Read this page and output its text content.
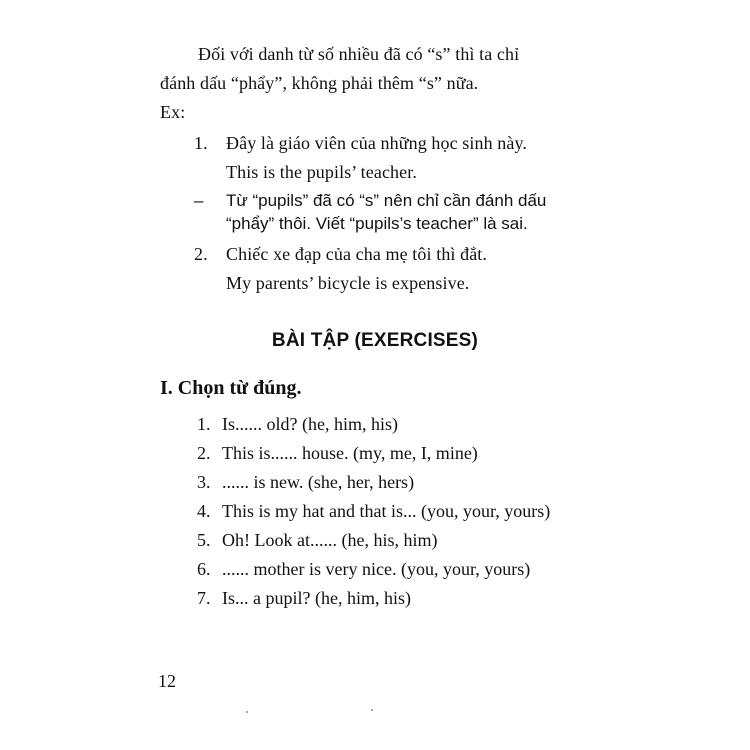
Đối với danh từ số nhiều đã có “s” thì ta chỉ
đánh dấu “phẩy”, không phải thêm “s” nữa.
Ex:
1.	Đây là giáo viên của những học sinh này.
This is the pupils’ teacher.
–	Từ “pupils” đã có “s” nên chỉ cần đánh dấu
“phẩy” thôi. Viết “pupils’s teacher” là sai.
2.	Chiếc xe đạp của cha mẹ tôi thì đắt.
My parents’ bicycle is expensive.
BÀI TẬP (EXERCISES)
I. Chọn từ đúng.
1. Is...... old? (he, him, his)
2. This is...... house. (my, me, I, mine)
3. ...... is new. (she, her, hers)
4. This is my hat and that is... (you, your, yours)
5. Oh! Look at...... (he, his, him)
6. ...... mother is very nice. (you, your, yours)
7. Is... a pupil? (he, him, his)
12
